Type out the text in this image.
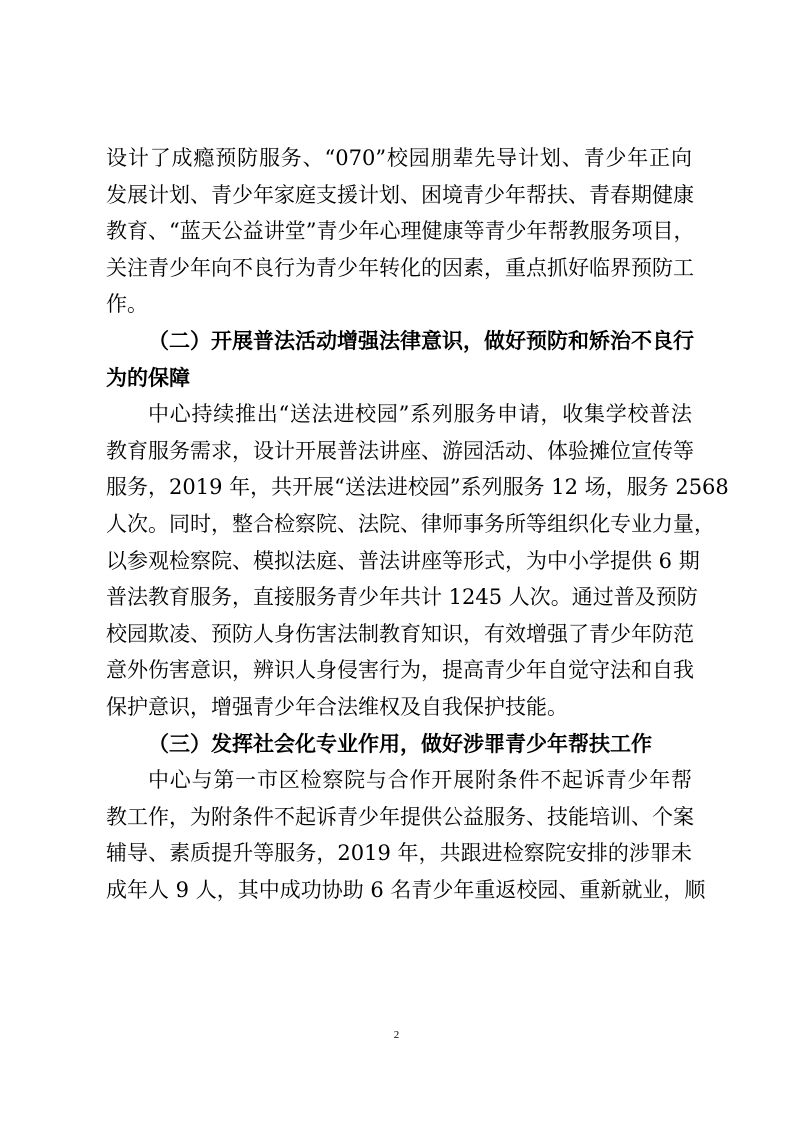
设计了成瘾预防服务、“070”校园朋辈先导计划、青少年正向
发展计划、青少年家庭支援计划、困境青少年帮扶、青春期健康
教育、“蓝天公益讲堂”青少年心理健康等青少年帮教服务项目，
关注青少年向不良行为青少年转化的因素，重点抓好临界预防工
作。
（二）开展普法活动增强法律意识，做好预防和矫治不良行
为的保障
中心持续推出“送法进校园”系列服务申请，收集学校普法
教育服务需求，设计开展普法讲座、游园活动、体验摊位宣传等
服务，2019 年，共开展“送法进校园”系列服务 12 场，服务 2568
人次。同时，整合检察院、法院、律师事务所等组织化专业力量，
以参观检察院、模拟法庭、普法讲座等形式，为中小学提供 6 期
普法教育服务，直接服务青少年共计 1245 人次。通过普及预防
校园欺凌、预防人身伤害法制教育知识，有效增强了青少年防范
意外伤害意识，辨识人身侵害行为，提高青少年自觉守法和自我
保护意识，增强青少年合法维权及自我保护技能。
（三）发挥社会化专业作用，做好涉罪青少年帮扶工作
中心与第一市区检察院与合作开展附条件不起诉青少年帮
教工作，为附条件不起诉青少年提供公益服务、技能培训、个案
辅导、素质提升等服务，2019 年，共跟进检察院安排的涉罪未
成年人 9 人，其中成功协助 6 名青少年重返校园、重新就业，顺
2
